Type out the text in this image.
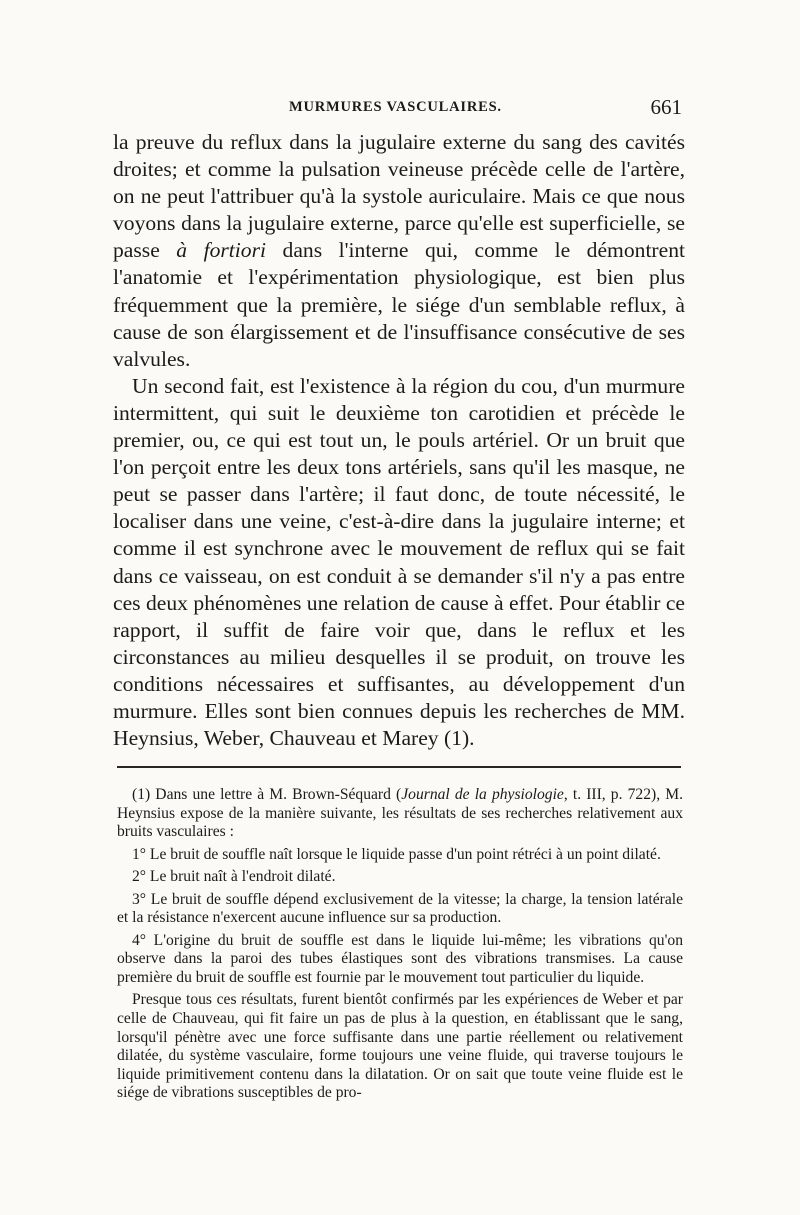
MURMURES VASCULAIRES.	661

la preuve du reflux dans la jugulaire externe du sang des cavités droites; et comme la pulsation veineuse précède celle de l'artère, on ne peut l'attribuer qu'à la systole auriculaire. Mais ce que nous voyons dans la jugulaire externe, parce qu'elle est superficielle, se passe à fortiori dans l'interne qui, comme le démontrent l'anatomie et l'expérimentation physiologique, est bien plus fréquemment que la première, le siége d'un semblable reflux, à cause de son élargissement et de l'insuffisance consécutive de ses valvules.

Un second fait, est l'existence à la région du cou, d'un murmure intermittent, qui suit le deuxième ton carotidien et précède le premier, ou, ce qui est tout un, le pouls artériel. Or un bruit que l'on perçoit entre les deux tons artériels, sans qu'il les masque, ne peut se passer dans l'artère; il faut donc, de toute nécessité, le localiser dans une veine, c'est-à-dire dans la jugulaire interne; et comme il est synchrone avec le mouvement de reflux qui se fait dans ce vaisseau, on est conduit à se demander s'il n'y a pas entre ces deux phénomènes une relation de cause à effet. Pour établir ce rapport, il suffit de faire voir que, dans le reflux et les circonstances au milieu desquelles il se produit, on trouve les conditions nécessaires et suffisantes, au développement d'un murmure. Elles sont bien connues depuis les recherches de MM. Heynsius, Weber, Chauveau et Marey (1).

(1) Dans une lettre à M. Brown-Séquard (Journal de la physiologie, t. III, p. 722), M. Heynsius expose de la manière suivante, les résultats de ses recherches relativement aux bruits vasculaires :

1° Le bruit de souffle naît lorsque le liquide passe d'un point rétréci à un point dilaté.

2° Le bruit naît à l'endroit dilaté.

3° Le bruit de souffle dépend exclusivement de la vitesse; la charge, la tension latérale et la résistance n'exercent aucune influence sur sa production.

4° L'origine du bruit de souffle est dans le liquide lui-même; les vibrations qu'on observe dans la paroi des tubes élastiques sont des vibrations transmises. La cause première du bruit de souffle est fournie par le mouvement tout particulier du liquide.

Presque tous ces résultats, furent bientôt confirmés par les expériences de Weber et par celle de Chauveau, qui fit faire un pas de plus à la question, en établissant que le sang, lorsqu'il pénètre avec une force suffisante dans une partie réellement ou relativement dilatée, du système vasculaire, forme toujours une veine fluide, qui traverse toujours le liquide primitivement contenu dans la dilatation. Or on sait que toute veine fluide est le siége de vibrations susceptibles de pro-
